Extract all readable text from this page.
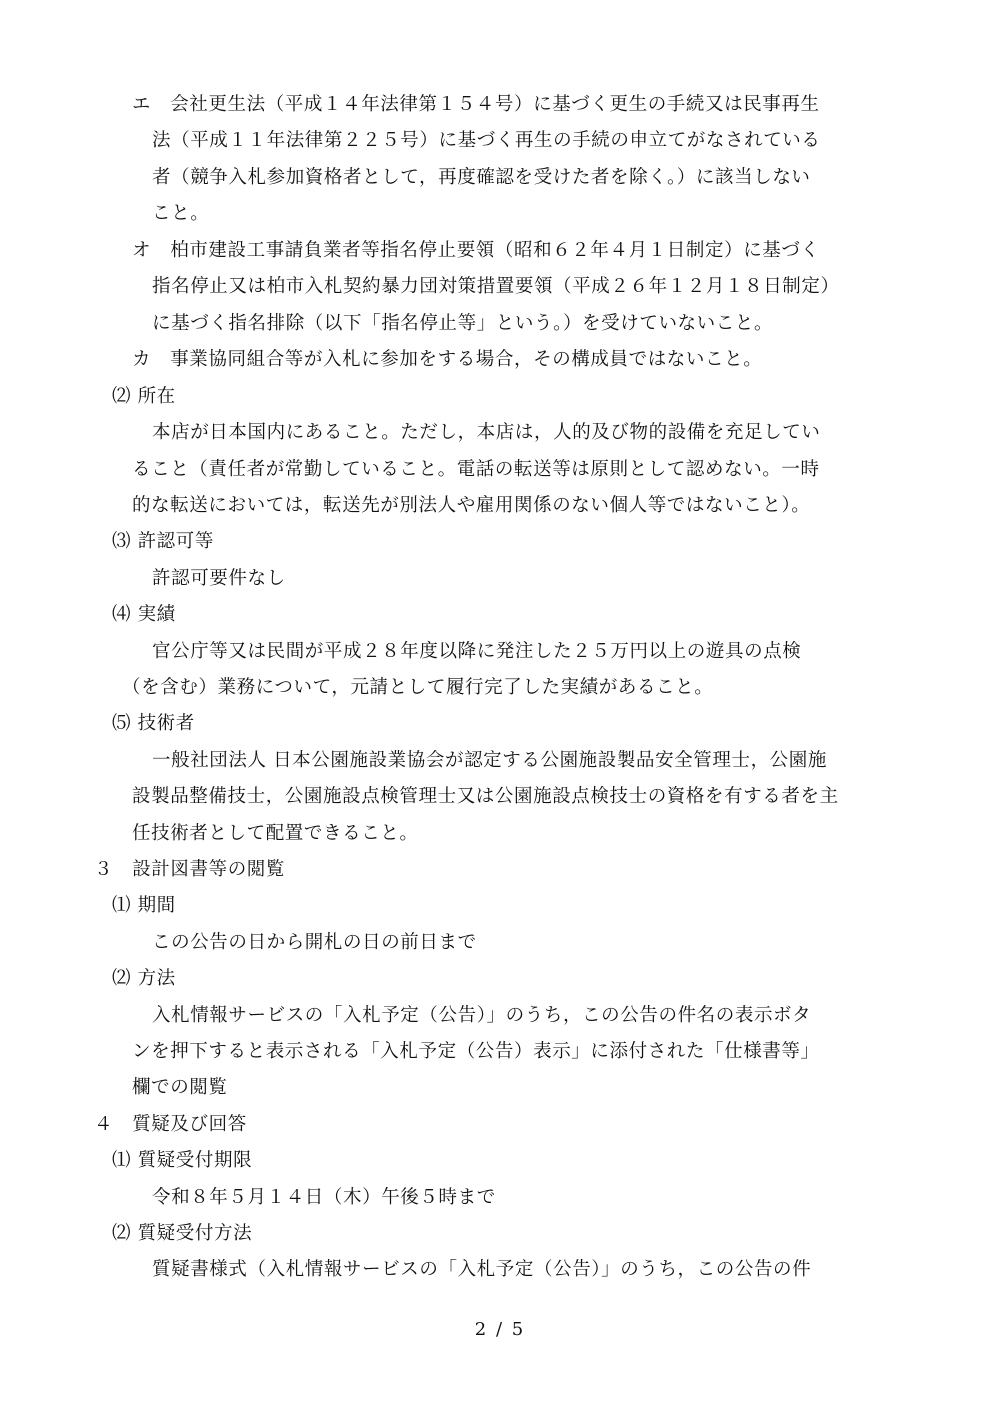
エ　会社更生法（平成１４年法律第１５４号）に基づく更生の手続又は民事再生
法（平成１１年法律第２２５号）に基づく再生の手続の申立てがなされている
者（競争入札参加資格者として，再度確認を受けた者を除く。）に該当しない
こと。
オ　柏市建設工事請負業者等指名停止要領（昭和６２年４月１日制定）に基づく
指名停止又は柏市入札契約暴力団対策措置要領（平成２６年１２月１８日制定）
に基づく指名排除（以下「指名停止等」という。）を受けていないこと。
カ　事業協同組合等が入札に参加をする場合，その構成員ではないこと。
⑵ 所在
本店が日本国内にあること。ただし，本店は，人的及び物的設備を充足してい
ること（責任者が常勤していること。電話の転送等は原則として認めない。一時
的な転送においては，転送先が別法人や雇用関係のない個人等ではないこと）。
⑶ 許認可等
許認可要件なし
⑷ 実績
官公庁等又は民間が平成２８年度以降に発注した２５万円以上の遊具の点検
（を含む）業務について，元請として履行完了した実績があること。
⑸ 技術者
一般社団法人 日本公園施設業協会が認定する公園施設製品安全管理士，公園施
設製品整備技士，公園施設点検管理士又は公園施設点検技士の資格を有する者を主
任技術者として配置できること。
３　設計図書等の閲覧
⑴ 期間
この公告の日から開札の日の前日まで
⑵ 方法
入札情報サービスの「入札予定（公告）」のうち，この公告の件名の表示ボタ
ンを押下すると表示される「入札予定（公告）表示」に添付された「仕様書等」
欄での閲覧
４　質疑及び回答
⑴ 質疑受付期限
令和８年５月１４日（木）午後５時まで
⑵ 質疑受付方法
質疑書様式（入札情報サービスの「入札予定（公告）」のうち，この公告の件
2 / 5
